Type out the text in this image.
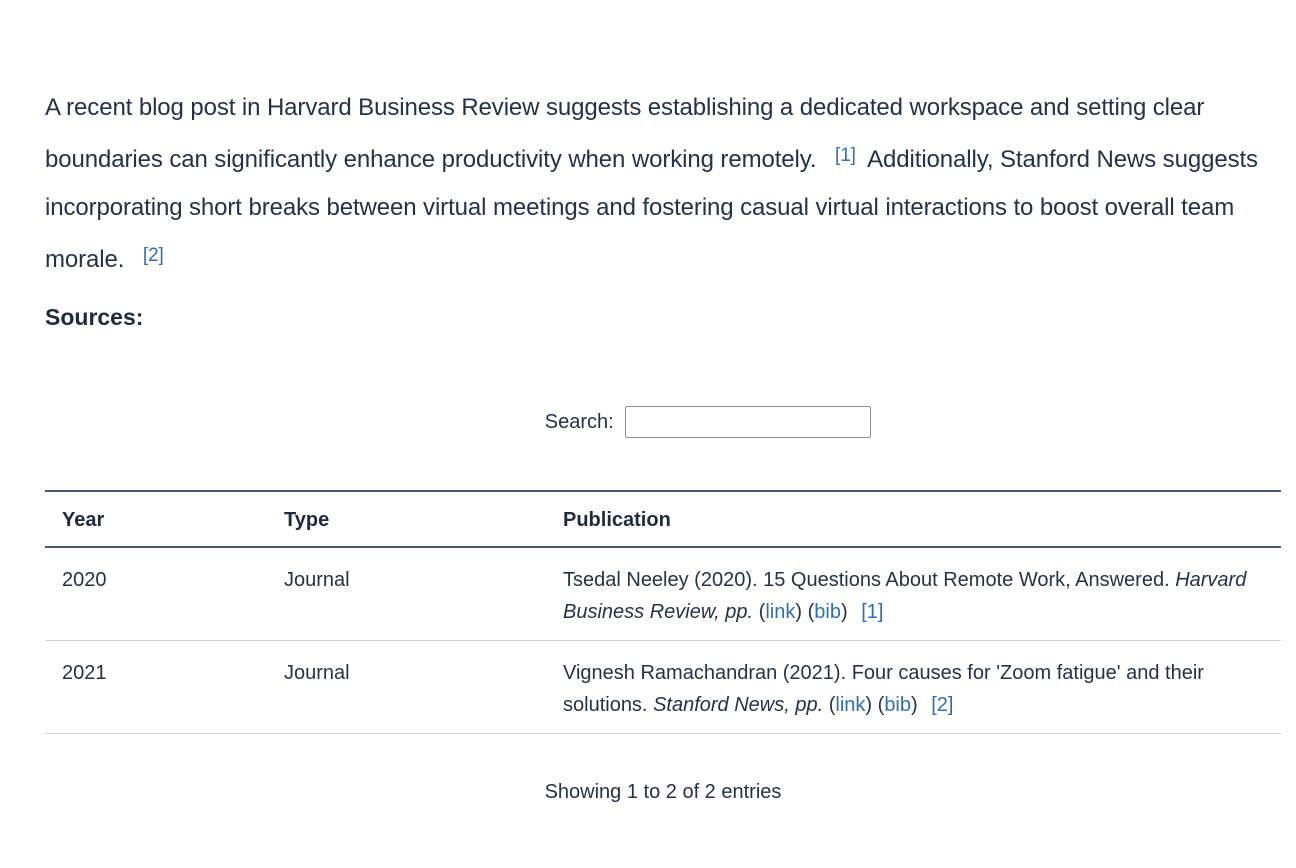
A recent blog post in Harvard Business Review suggests establishing a dedicated workspace and setting clear boundaries can significantly enhance productivity when working remotely. [1] Additionally, Stanford News suggests incorporating short breaks between virtual meetings and fostering casual virtual interactions to boost overall team morale. [2]

Sources:
Search:
Year	Type	Publication
2020	Journal	Tsedal Neeley (2020). 15 Questions About Remote Work, Answered. Harvard Business Review, pp. (link) (bib) [1]
2021	Journal	Vignesh Ramachandran (2021). Four causes for 'Zoom fatigue' and their solutions. Stanford News, pp. (link) (bib) [2]
Showing 1 to 2 of 2 entries
